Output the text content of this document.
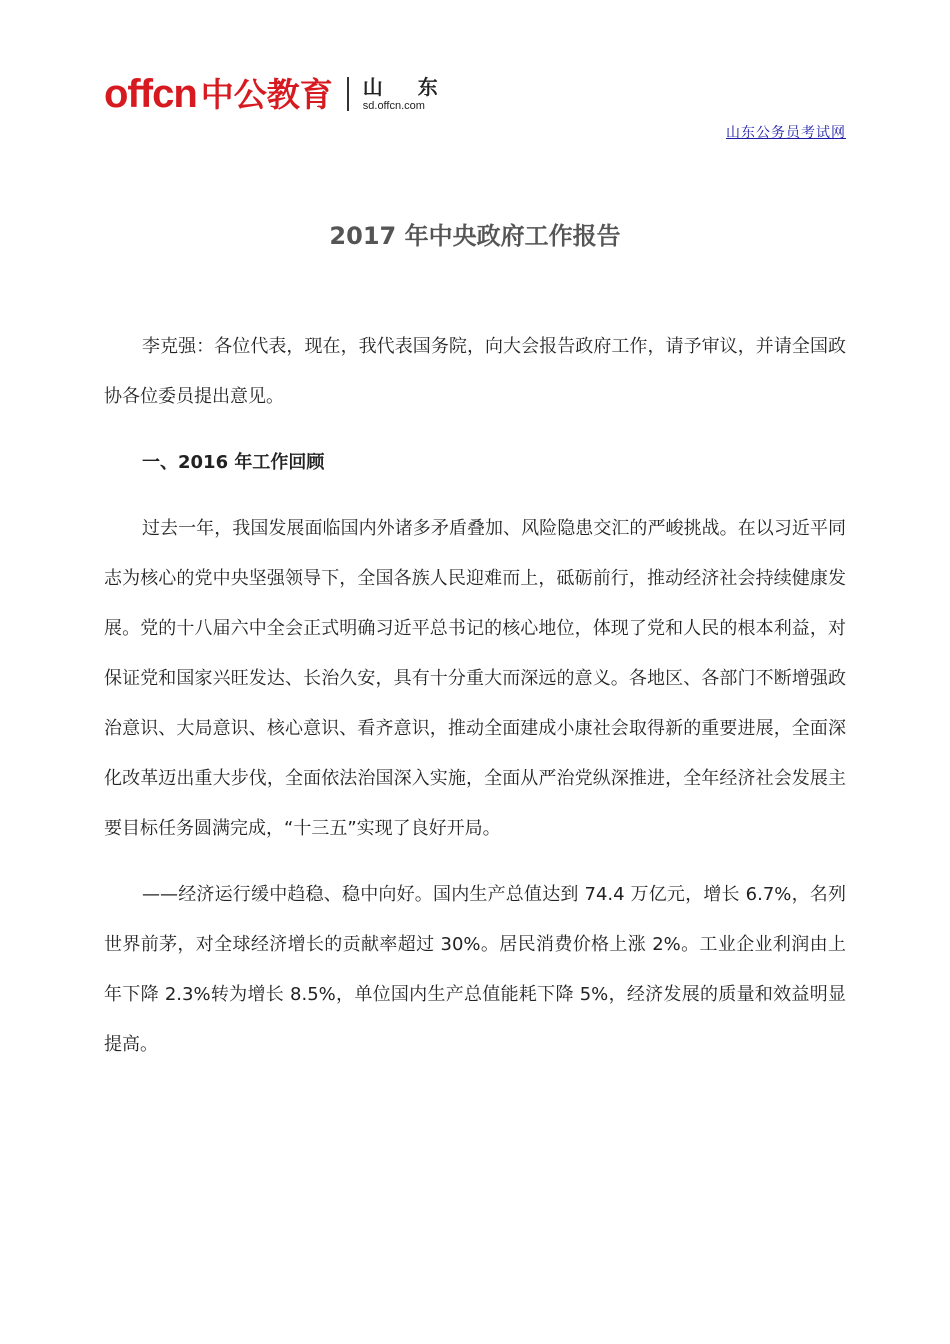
offcn 中公教育 山 东
sd.offcn.com
山东公务员考试网
2017 年中央政府工作报告

李克强：各位代表，现在，我代表国务院，向大会报告政府工作，请予审议，并请全国政协各位委员提出意见。

一、2016 年工作回顾

过去一年，我国发展面临国内外诸多矛盾叠加、风险隐患交汇的严峻挑战。在以习近平同志为核心的党中央坚强领导下，全国各族人民迎难而上，砥砺前行，推动经济社会持续健康发展。党的十八届六中全会正式明确习近平总书记的核心地位，体现了党和人民的根本利益，对保证党和国家兴旺发达、长治久安，具有十分重大而深远的意义。各地区、各部门不断增强政治意识、大局意识、核心意识、看齐意识，推动全面建成小康社会取得新的重要进展，全面深化改革迈出重大步伐，全面依法治国深入实施，全面从严治党纵深推进，全年经济社会发展主要目标任务圆满完成，“十三五”实现了良好开局。

——经济运行缓中趋稳、稳中向好。国内生产总值达到 74.4 万亿元，增长 6.7%，名列世界前茅，对全球经济增长的贡献率超过 30%。居民消费价格上涨 2%。工业企业利润由上年下降 2.3%转为增长 8.5%，单位国内生产总值能耗下降 5%，经济发展的质量和效益明显提高。
